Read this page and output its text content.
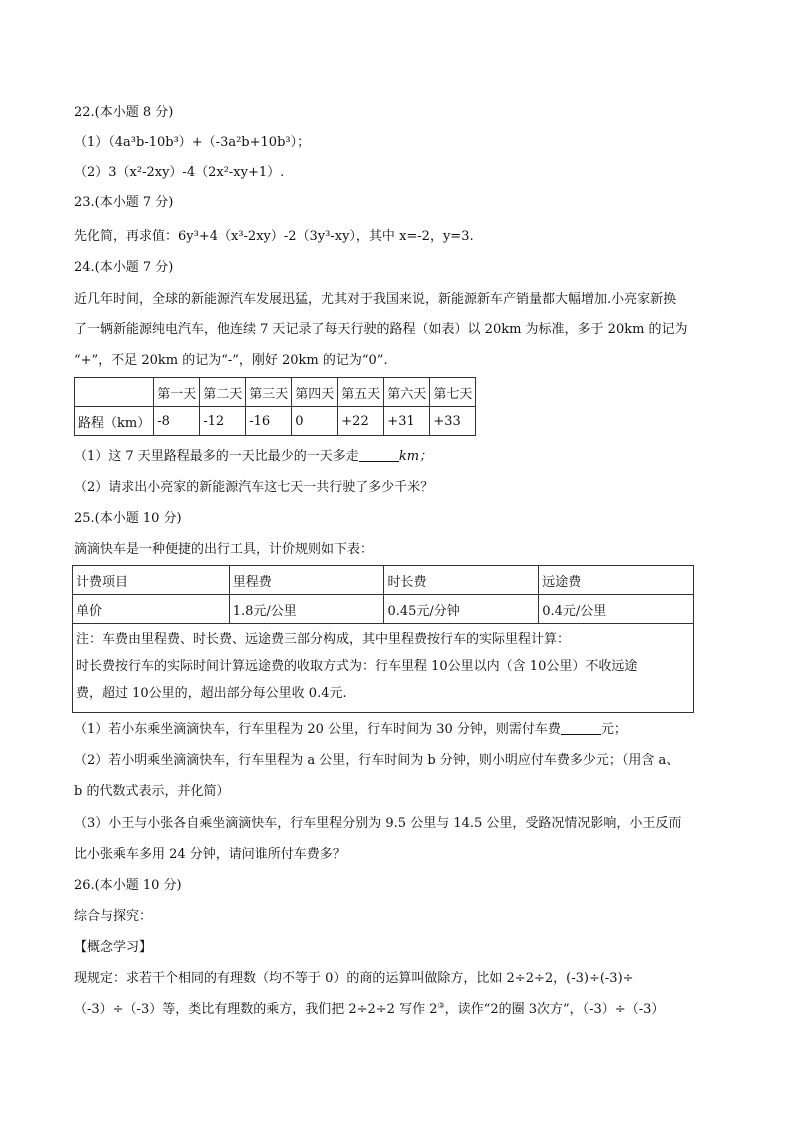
22.(本小题 8 分)
（1）（4a³b-10b³）+（-3a²b+10b³）；
（2）3（x²-2xy）-4（2x²-xy+1）.
23.(本小题 7 分)
先化简，再求值：6y³+4（x³-2xy）-2（3y³-xy），其中 x=-2，y=3.
24.(本小题 7 分)
近几年时间，全球的新能源汽车发展迅猛，尤其对于我国来说，新能源新车产销量都大幅增加.小亮家新换
了一辆新能源纯电汽车，他连续 7 天记录了每天行驶的路程（如表）以 20km 为标准，多于 20km 的记为
“+”，不足 20km 的记为“-”，刚好 20km 的记为“0”.
	第一天	第二天	第三天	第四天	第五天	第六天	第七天
路程（km）	-8	-12	-16	0	+22	+31	+33
（1）这 7 天里路程最多的一天比最少的一天多走	km；
（2）请求出小亮家的新能源汽车这七天一共行驶了多少千米？
25.(本小题 10 分)
滴滴快车是一种便捷的出行工具，计价规则如下表：
计费项目	里程费	时长费	远途费
单价	1.8元/公里	0.45元/分钟	0.4元/公里

注：车费由里程费、时长费、远途费三部分构成，其中里程费按行车的实际里程计算：
时长费按行车的实际时间计算远途费的收取方式为：行车里程 10公里以内（含 10公里）不收远途
费，超过 10公里的，超出部分每公里收 0.4元.			
（1）若小东乘坐滴滴快车，行车里程为 20 公里，行车时间为 30 分钟，则需付车费	元；
（2）若小明乘坐滴滴快车，行车里程为 a 公里，行车时间为 b 分钟，则小明应付车费多少元；（用含 a、
b 的代数式表示，并化简）
（3）小王与小张各自乘坐滴滴快车，行车里程分别为 9.5 公里与 14.5 公里，受路况情况影响，小王反而
比小张乘车多用 24 分钟，请问谁所付车费多？
26.(本小题 10 分)
综合与探究：
【概念学习】
现规定：求若干个相同的有理数（均不等于 0）的商的运算叫做除方，比如 2÷2÷2，(-3)÷(-3)÷
（-3）÷（-3）等，类比有理数的乘方，我们把 2÷2÷2 写作 2③，读作“2的圈 3次方”，（-3）÷（-3）
